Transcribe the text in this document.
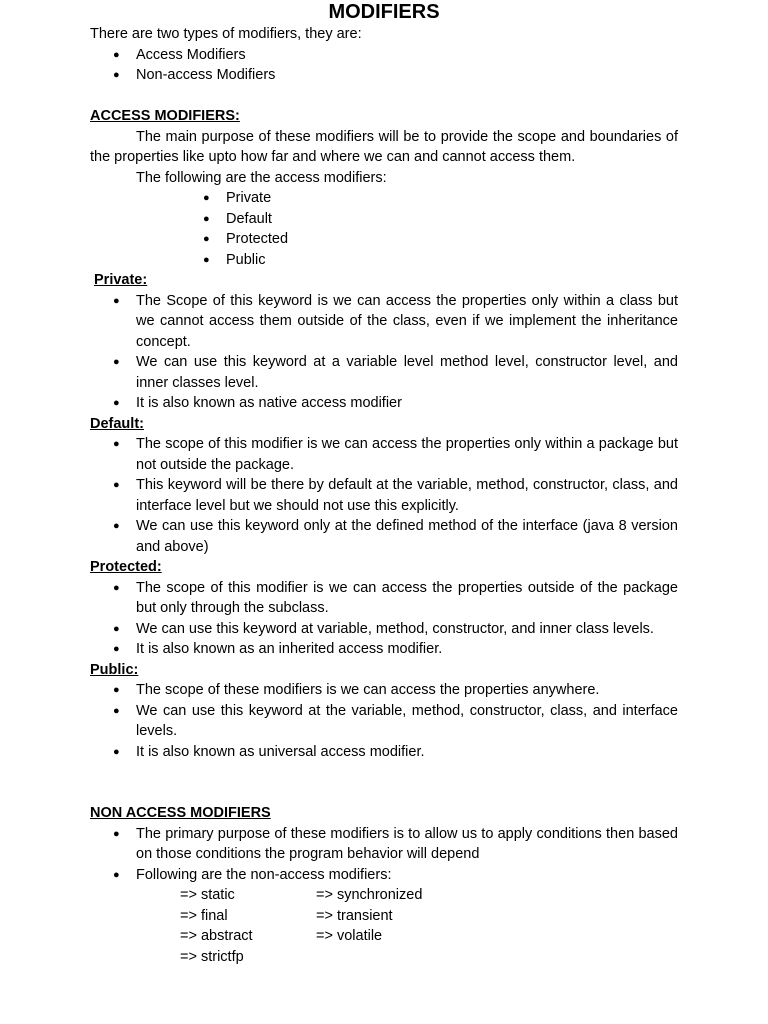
MODIFIERS

There are two types of modifiers, they are:

● Access Modifiers
● Non-access Modifiers

ACCESS MODIFIERS:

The main purpose of these modifiers will be to provide the scope and boundaries of the properties like upto how far and where we can and cannot access them.

The following are the access modifiers:

● Private
● Default
● Protected
● Public

Private:

● The Scope of this keyword is we can access the properties only within a class but we cannot access them outside of the class, even if we implement the inheritance concept.
● We can use this keyword at a variable level method level, constructor level, and inner classes level.
● It is also known as native access modifier

Default:

● The scope of this modifier is we can access the properties only within a package but not outside the package.
● This keyword will be there by default at the variable, method, constructor, class, and interface level but we should not use this explicitly.
● We can use this keyword only at the defined method of the interface (java 8 version and above)

Protected:

● The scope of this modifier is we can access the properties outside of the package but only through the subclass.
● We can use this keyword at variable, method, constructor, and inner class levels.
● It is also known as an inherited access modifier.

Public:

● The scope of these modifiers is we can access the properties anywhere.
● We can use this keyword at the variable, method, constructor, class, and interface levels.
● It is also known as universal access modifier.

NON ACCESS MODIFIERS

● The primary purpose of these modifiers is to allow us to apply conditions then based on those conditions the program behavior will depend
● Following are the non-access modifiers:
=> static	=> synchronized
=> final	=> transient
=> abstract	=> volatile
=> strictfp
